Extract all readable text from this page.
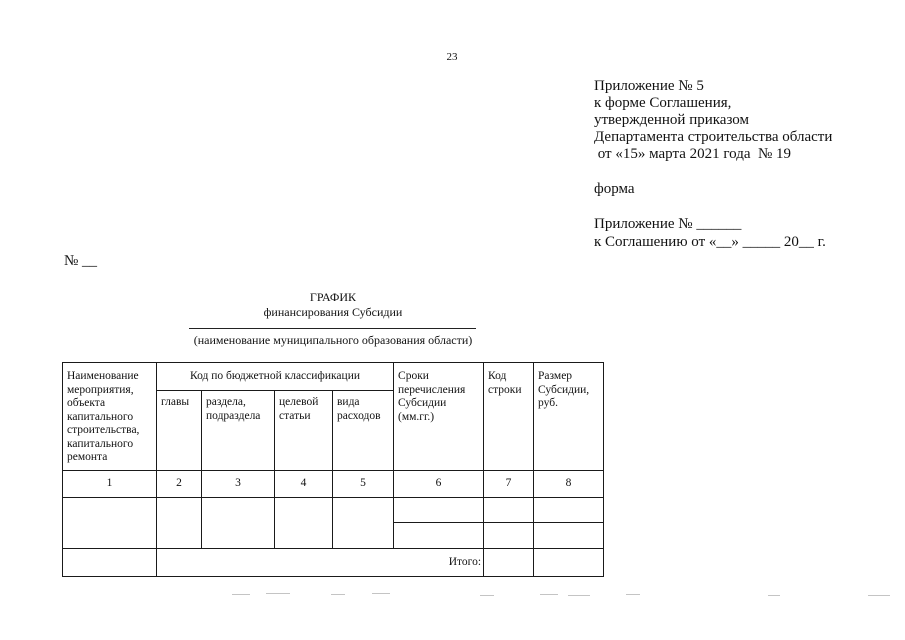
23
Приложение № 5
к форме Соглашения,
утвержденной приказом
Департамента строительства области
от «15» марта 2021 года  № 19
форма
Приложение № ______
к Соглашению от «__» _____ 20__ г.
№ __
ГРАФИК
финансирования Субсидии
(наименование муниципального образования области)
Наименование мероприятия, объекта капитального строительства, капитального ремонта	Код по бюджетной классификации				Сроки перечисления Субсидии (мм.гг.)	Код строки	Размер Субсидии, руб.
	главы	раздела, подраздела	целевой статьи	вида расходов			
1	2	3	4	5	6	7	8

	Итого:						
